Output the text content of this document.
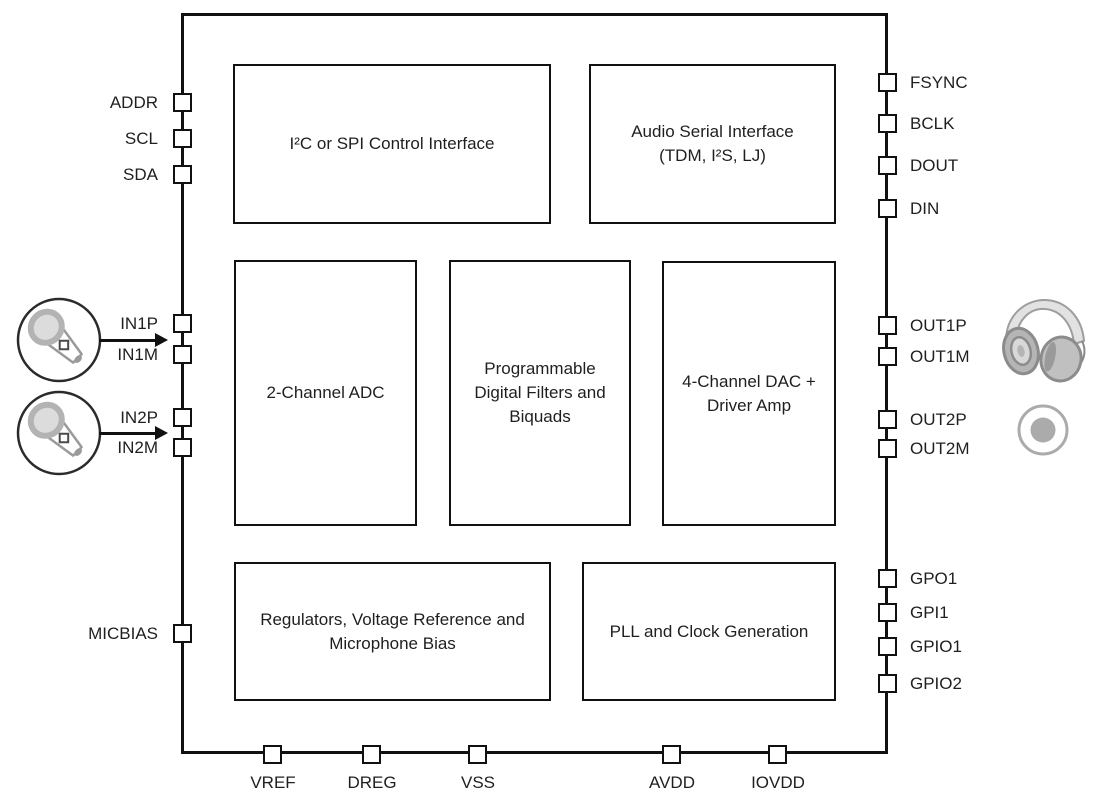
I²C or SPI Control Interface
Audio Serial Interface
(TDM, I²S, LJ)
2-Channel ADC
Programmable Digital Filters and Biquads
4-Channel DAC +
Driver Amp
Regulators, Voltage Reference and Microphone Bias
PLL and Clock Generation
ADDR
SCL
SDA
IN1P
IN1M
IN2P
IN2M
MICBIAS
FSYNC
BCLK
DOUT
DIN
OUT1P
OUT1M
OUT2P
OUT2M
GPO1
GPI1
GPIO1
GPIO2
VREF	DREG	VSS	AVDD	IOVDD
